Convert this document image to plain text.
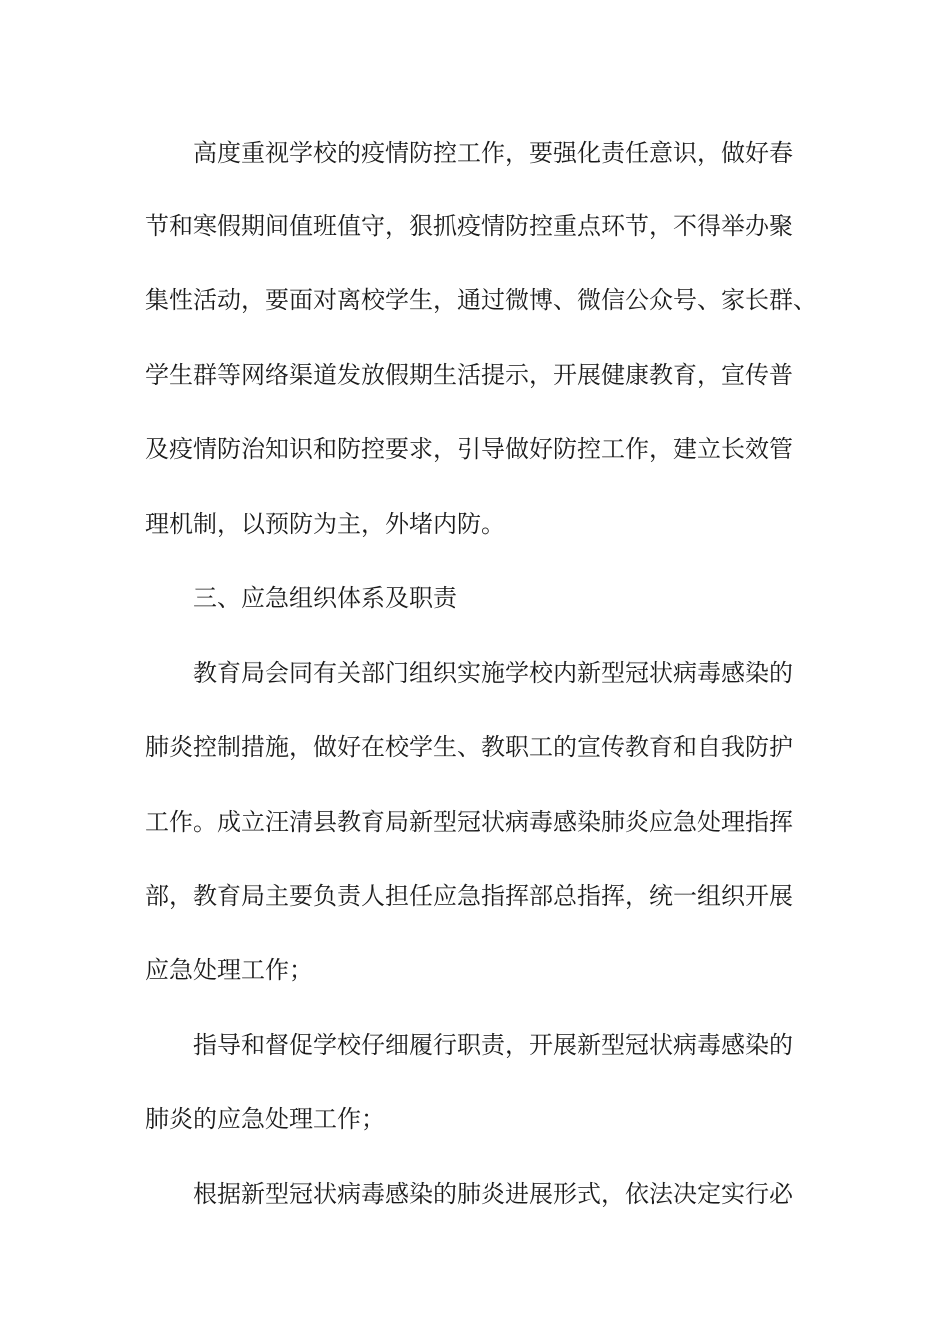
高度重视学校的疫情防控工作，要强化责任意识，做好春
节和寒假期间值班值守，狠抓疫情防控重点环节，不得举办聚
集性活动，要面对离校学生，通过微博、微信公众号、家长群、
学生群等网络渠道发放假期生活提示，开展健康教育，宣传普
及疫情防治知识和防控要求，引导做好防控工作，建立长效管
理机制，以预防为主，外堵内防。
三、应急组织体系及职责
教育局会同有关部门组织实施学校内新型冠状病毒感染的
肺炎控制措施，做好在校学生、教职工的宣传教育和自我防护
工作。成立汪清县教育局新型冠状病毒感染肺炎应急处理指挥
部，教育局主要负责人担任应急指挥部总指挥，统一组织开展
应急处理工作；
指导和督促学校仔细履行职责，开展新型冠状病毒感染的
肺炎的应急处理工作；
根据新型冠状病毒感染的肺炎进展形式，依法决定实行必
